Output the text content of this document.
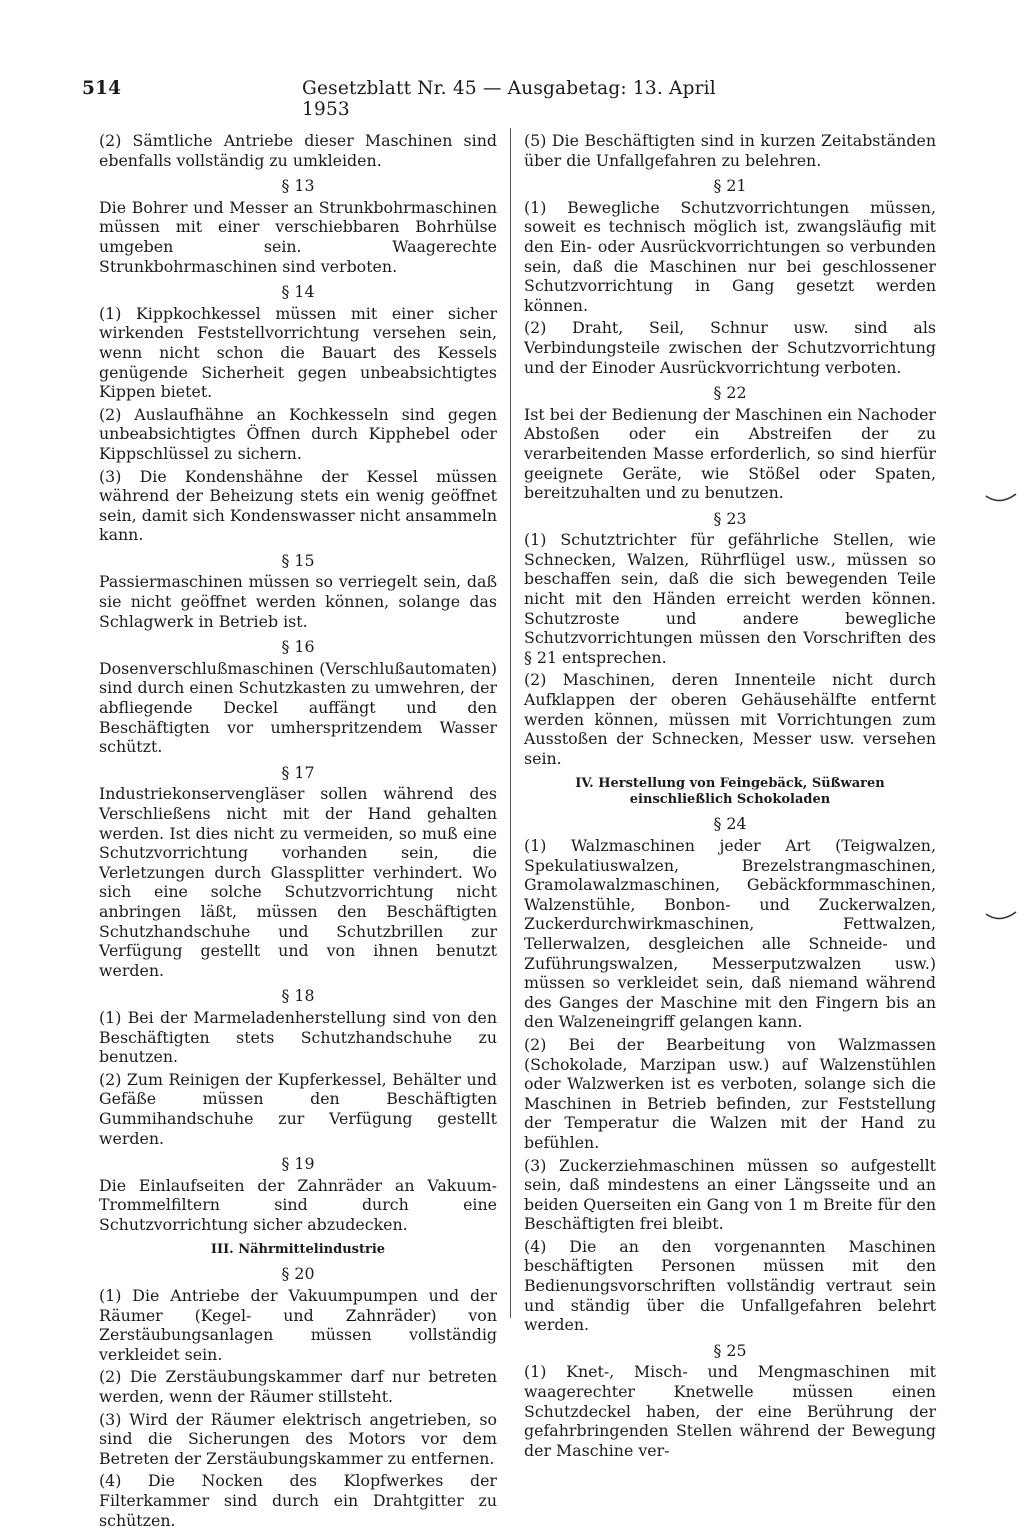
514	Gesetzblatt Nr. 45 — Ausgabetag: 13. April 1953
(2) Sämtliche Antriebe dieser Maschinen sind ebenfalls vollständig zu umkleiden.
§ 13
Die Bohrer und Messer an Strunkbohrmaschinen müssen mit einer verschiebbaren Bohrhülse umgeben sein. Waagerechte Strunkbohrmaschinen sind verboten.
§ 14
(1) Kippkochkessel müssen mit einer sicher wirkenden Feststellvorrichtung versehen sein, wenn nicht schon die Bauart des Kessels genügende Sicherheit gegen unbeabsichtigtes Kippen bietet.
(2) Auslaufhähne an Kochkesseln sind gegen unbeabsichtigtes Öffnen durch Kipphebel oder Kippschlüssel zu sichern.
(3) Die Kondenshähne der Kessel müssen während der Beheizung stets ein wenig geöffnet sein, damit sich Kondenswasser nicht ansammeln kann.
§ 15
Passiermaschinen müssen so verriegelt sein, daß sie nicht geöffnet werden können, solange das Schlagwerk in Betrieb ist.
§ 16
Dosenverschlußmaschinen (Verschlußautomaten) sind durch einen Schutzkasten zu umwehren, der abfliegende Deckel auffängt und den Beschäftigten vor umherspritzendem Wasser schützt.
§ 17
Industriekonservengläser sollen während des Verschließens nicht mit der Hand gehalten werden. Ist dies nicht zu vermeiden, so muß eine Schutzvorrichtung vorhanden sein, die Verletzungen durch Glassplitter verhindert. Wo sich eine solche Schutzvorrichtung nicht anbringen läßt, müssen den Beschäftigten Schutzhandschuhe und Schutzbrillen zur Verfügung gestellt und von ihnen benutzt werden.
§ 18
(1) Bei der Marmeladenherstellung sind von den Beschäftigten stets Schutzhandschuhe zu benutzen.
(2) Zum Reinigen der Kupferkessel, Behälter und Gefäße müssen den Beschäftigten Gummihandschuhe zur Verfügung gestellt werden.
§ 19
Die Einlaufseiten der Zahnräder an Vakuum-Trommelfiltern sind durch eine Schutzvorrichtung sicher abzudecken.
III. Nährmittelindustrie
§ 20
(1) Die Antriebe der Vakuumpumpen und der Räumer (Kegel- und Zahnräder) von Zerstäubungsanlagen müssen vollständig verkleidet sein.
(2) Die Zerstäubungskammer darf nur betreten werden, wenn der Räumer stillsteht.
(3) Wird der Räumer elektrisch angetrieben, so sind die Sicherungen des Motors vor dem Betreten der Zerstäubungskammer zu entfernen.
(4) Die Nocken des Klopfwerkes der Filterkammer sind durch ein Drahtgitter zu schützen.
(5) Die Beschäftigten sind in kurzen Zeitabständen über die Unfallgefahren zu belehren.
§ 21
(1) Bewegliche Schutzvorrichtungen müssen, soweit es technisch möglich ist, zwangsläufig mit den Ein- oder Ausrückvorrichtungen so verbunden sein, daß die Maschinen nur bei geschlossener Schutzvorrichtung in Gang gesetzt werden können.
(2) Draht, Seil, Schnur usw. sind als Verbindungsteile zwischen der Schutzvorrichtung und der Einoder Ausrückvorrichtung verboten.
§ 22
Ist bei der Bedienung der Maschinen ein Nachoder Abstoßen oder ein Abstreifen der zu verarbeitenden Masse erforderlich, so sind hierfür geeignete Geräte, wie Stößel oder Spaten, bereitzuhalten und zu benutzen.
§ 23
(1) Schutztrichter für gefährliche Stellen, wie Schnecken, Walzen, Rührflügel usw., müssen so beschaffen sein, daß die sich bewegenden Teile nicht mit den Händen erreicht werden können. Schutzroste und andere bewegliche Schutzvorrichtungen müssen den Vorschriften des § 21 entsprechen.
(2) Maschinen, deren Innenteile nicht durch Aufklappen der oberen Gehäusehälfte entfernt werden können, müssen mit Vorrichtungen zum Ausstoßen der Schnecken, Messer usw. versehen sein.
IV. Herstellung von Feingebäck, Süßwaren einschließlich Schokoladen
§ 24
(1) Walzmaschinen jeder Art (Teigwalzen, Spekulatiuswalzen, Brezelstrangmaschinen, Gramolawalzmaschinen, Gebäckformmaschinen, Walzenstühle, Bonbon- und Zuckerwalzen, Zuckerdurchwirkmaschinen, Fettwalzen, Tellerwalzen, desgleichen alle Schneide- und Zuführungswalzen, Messerputzwalzen usw.) müssen so verkleidet sein, daß niemand während des Ganges der Maschine mit den Fingern bis an den Walzeneingriff gelangen kann.
(2) Bei der Bearbeitung von Walzmassen (Schokolade, Marzipan usw.) auf Walzenstühlen oder Walzwerken ist es verboten, solange sich die Maschinen in Betrieb befinden, zur Feststellung der Temperatur die Walzen mit der Hand zu befühlen.
(3) Zuckerziehmaschinen müssen so aufgestellt sein, daß mindestens an einer Längsseite und an beiden Querseiten ein Gang von 1 m Breite für den Beschäftigten frei bleibt.
(4) Die an den vorgenannten Maschinen beschäftigten Personen müssen mit den Bedienungsvorschriften vollständig vertraut sein und ständig über die Unfallgefahren belehrt werden.
§ 25
(1) Knet-, Misch- und Mengmaschinen mit waagerechter Knetwelle müssen einen Schutzdeckel haben, der eine Berührung der gefahrbringenden Stellen während der Bewegung der Maschine ver-
